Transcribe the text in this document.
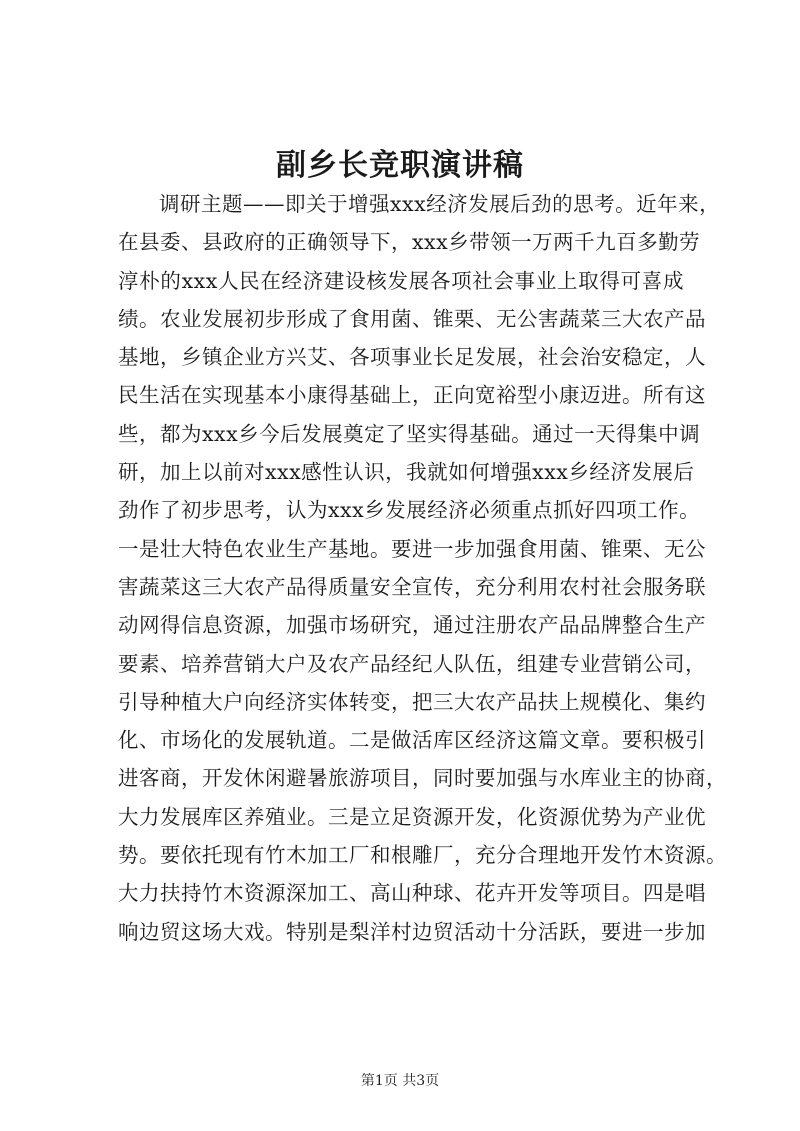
副乡长竞职演讲稿
调研主题——即关于增强xxx经济发展后劲的思考。近年来，
在县委、县政府的正确领导下，xxx乡带领一万两千九百多勤劳
淳朴的xxx人民在经济建设核发展各项社会事业上取得可喜成
绩。农业发展初步形成了食用菌、锥栗、无公害蔬菜三大农产品
基地，乡镇企业方兴艾、各项事业长足发展，社会治安稳定，人
民生活在实现基本小康得基础上，正向宽裕型小康迈进。所有这
些，都为xxx乡今后发展奠定了坚实得基础。通过一天得集中调
研，加上以前对xxx感性认识，我就如何增强xxx乡经济发展后
劲作了初步思考，认为xxx乡发展经济必须重点抓好四项工作。
一是壮大特色农业生产基地。要进一步加强食用菌、锥栗、无公
害蔬菜这三大农产品得质量安全宣传，充分利用农村社会服务联
动网得信息资源，加强市场研究，通过注册农产品品牌整合生产
要素、培养营销大户及农产品经纪人队伍，组建专业营销公司，
引导种植大户向经济实体转变，把三大农产品扶上规模化、集约
化、市场化的发展轨道。二是做活库区经济这篇文章。要积极引
进客商，开发休闲避暑旅游项目，同时要加强与水库业主的协商，
大力发展库区养殖业。三是立足资源开发，化资源优势为产业优
势。要依托现有竹木加工厂和根雕厂，充分合理地开发竹木资源。
大力扶持竹木资源深加工、高山种球、花卉开发等项目。四是唱
响边贸这场大戏。特别是梨洋村边贸活动十分活跃，要进一步加
第1页 共3页
